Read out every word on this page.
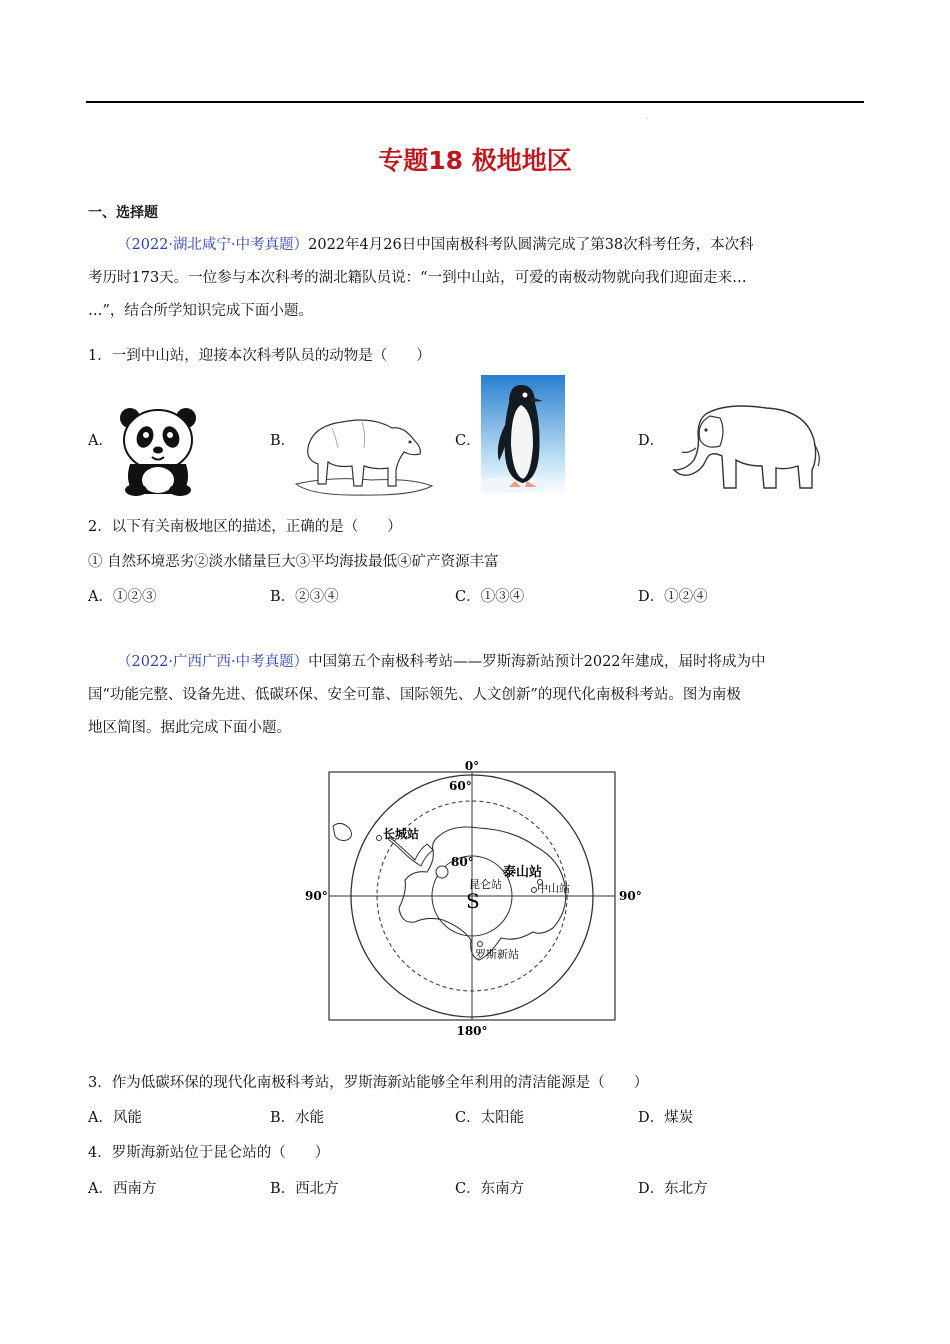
.
专题18 极地地区
一、选择题
（2022·湖北咸宁·中考真题）2022年4月26日中国南极科考队圆满完成了第38次科考任务，本次科
考历时173天。一位参与本次科考的湖北籍队员说：“一到中山站，可爱的南极动物就向我们迎面走来…
…”，结合所学知识完成下面小题。
1．一到中山站，迎接本次科考队员的动物是（　　）
A．	B．	C．	D．
2．以下有关南极地区的描述，正确的是（　　）
① 自然环境恶劣②淡水储量巨大③平均海拔最低④矿产资源丰富
A．①②③	B．②③④	C．①③④	D．①②④
（2022·广西广西·中考真题）中国第五个南极科考站——罗斯海新站预计2022年建成，届时将成为中
国“功能完整、设备先进、低碳环保、安全可靠、国际领先、人文创新”的现代化南极科考站。图为南极
地区简图。据此完成下面小题。
0°
180°
90°	90°
60°
80°
S
长城站
泰山站
昆仑站	中山站
罗斯新站
3．作为低碳环保的现代化南极科考站，罗斯海新站能够全年利用的清洁能源是（　　）
A．风能	B．水能	C．太阳能	D．煤炭
4．罗斯海新站位于昆仑站的（　　）
A．西南方	B．西北方	C．东南方	D．东北方
